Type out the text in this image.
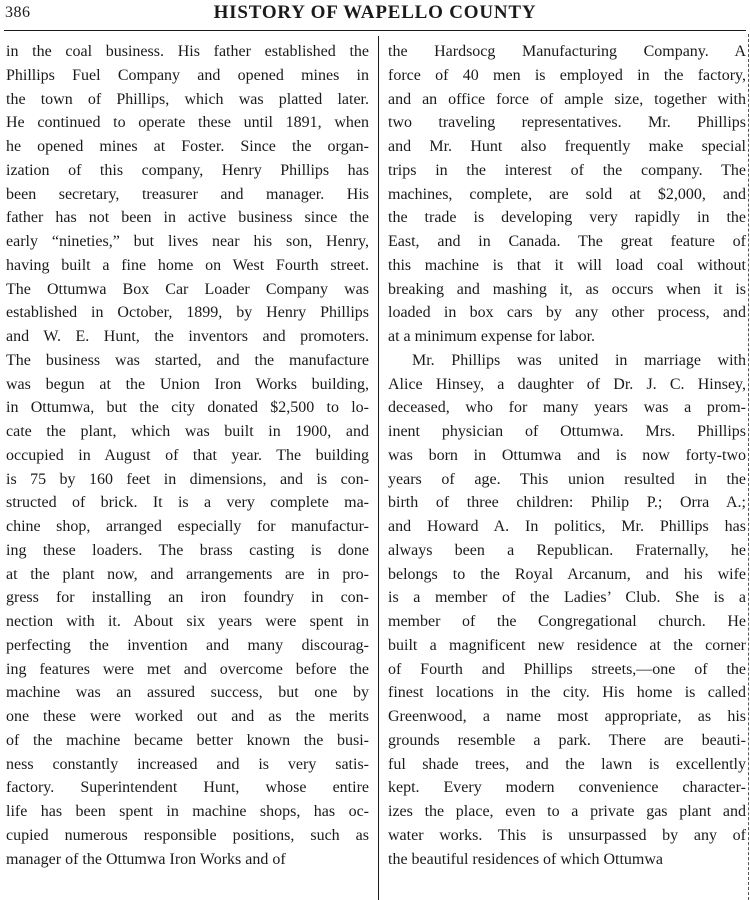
386	HISTORY OF WAPELLO COUNTY
in the coal business. His father established the
Phillips Fuel Company and opened mines in
the town of Phillips, which was platted later.
He continued to operate these until 1891, when
he opened mines at Foster. Since the organ-
ization of this company, Henry Phillips has
been secretary, treasurer and manager. His
father has not been in active business since the
early “nineties,” but lives near his son, Henry,
having built a fine home on West Fourth street.
The Ottumwa Box Car Loader Company was
established in October, 1899, by Henry Phillips
and W. E. Hunt, the inventors and promoters.
The business was started, and the manufacture
was begun at the Union Iron Works building,
in Ottumwa, but the city donated $2,500 to lo-
cate the plant, which was built in 1900, and
occupied in August of that year. The building
is 75 by 160 feet in dimensions, and is con-
structed of brick. It is a very complete ma-
chine shop, arranged especially for manufactur-
ing these loaders. The brass casting is done
at the plant now, and arrangements are in pro-
gress for installing an iron foundry in con-
nection with it. About six years were spent in
perfecting the invention and many discourag-
ing features were met and overcome before the
machine was an assured success, but one by
one these were worked out and as the merits
of the machine became better known the busi-
ness constantly increased and is very satis-
factory. Superintendent Hunt, whose entire
life has been spent in machine shops, has oc-
cupied numerous responsible positions, such as
manager of the Ottumwa Iron Works and of
the Hardsocg Manufacturing Company. A
force of 40 men is employed in the factory,
and an office force of ample size, together with
two traveling representatives. Mr. Phillips
and Mr. Hunt also frequently make special
trips in the interest of the company. The
machines, complete, are sold at $2,000, and
the trade is developing very rapidly in the
East, and in Canada. The great feature of
this machine is that it will load coal without
breaking and mashing it, as occurs when it is
loaded in box cars by any other process, and
at a minimum expense for labor.
Mr. Phillips was united in marriage with
Alice Hinsey, a daughter of Dr. J. C. Hinsey,
deceased, who for many years was a prom-
inent physician of Ottumwa. Mrs. Phillips
was born in Ottumwa and is now forty-two
years of age. This union resulted in the
birth of three children: Philip P.; Orra A.;
and Howard A. In politics, Mr. Phillips has
always been a Republican. Fraternally, he
belongs to the Royal Arcanum, and his wife
is a member of the Ladies’ Club. She is a
member of the Congregational church. He
built a magnificent new residence at the corner
of Fourth and Phillips streets,—one of the
finest locations in the city. His home is called
Greenwood, a name most appropriate, as his
grounds resemble a park. There are beauti-
ful shade trees, and the lawn is excellently
kept. Every modern convenience character-
izes the place, even to a private gas plant and
water works. This is unsurpassed by any of
the beautiful residences of which Ottumwa
